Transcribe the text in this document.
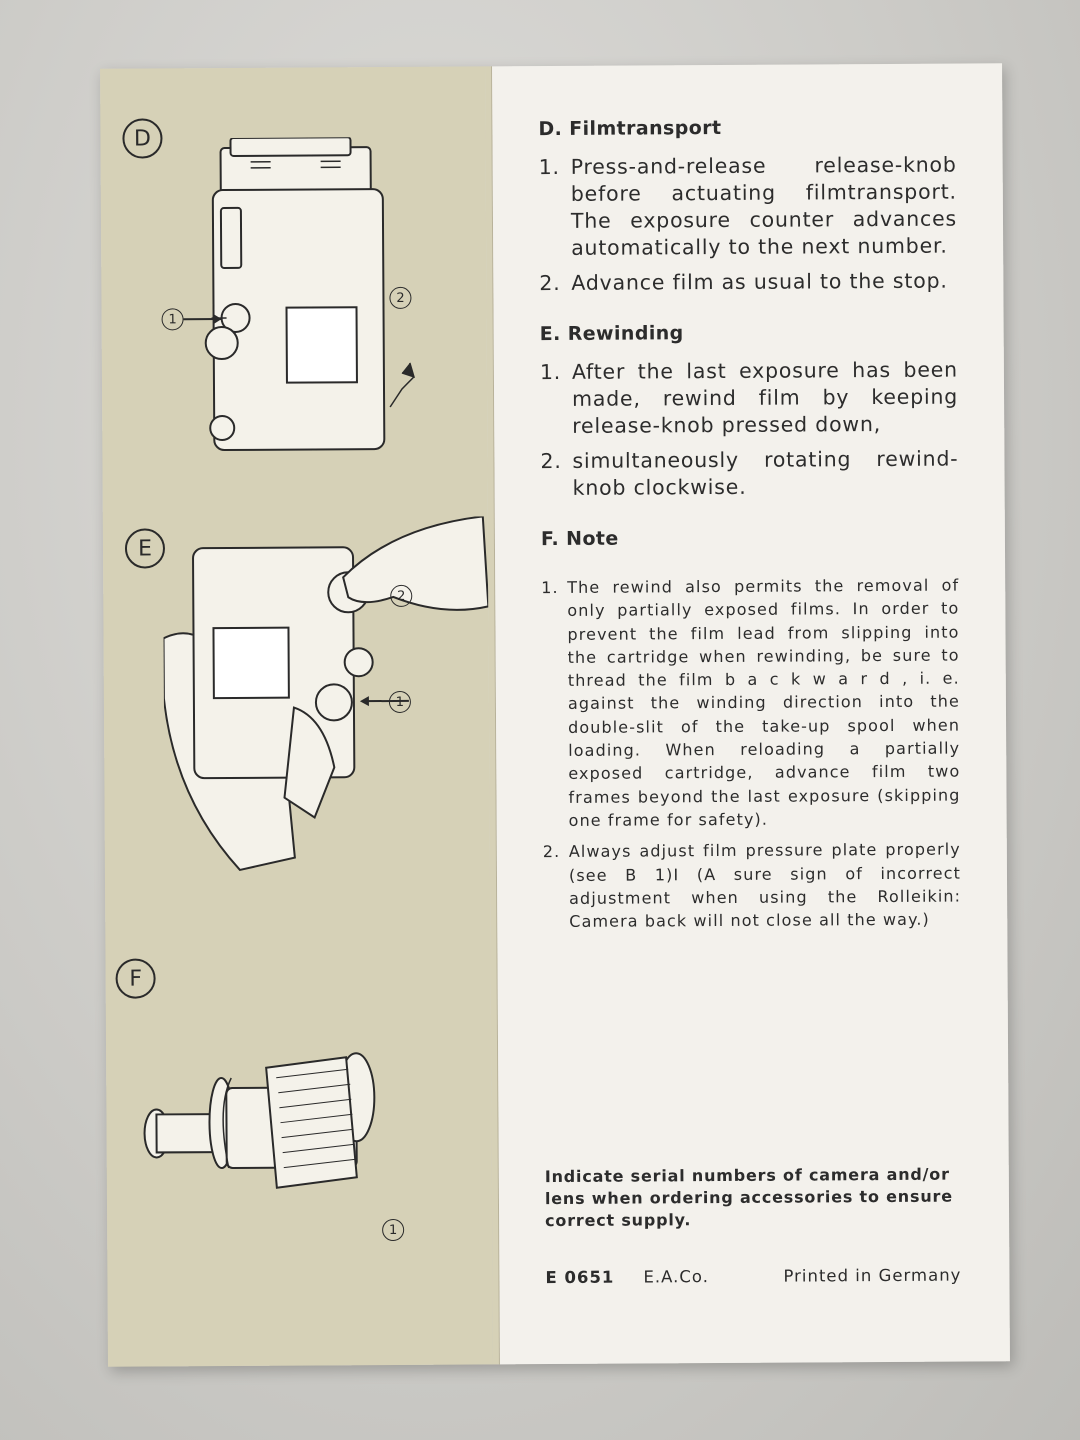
D
1
2
E
2
1
F
1
D. Filmtransport
1. Press-and-release release-knob before actuating filmtransport. The exposure counter advances automatically to the next number.
2. Advance film as usual to the stop.
E. Rewinding
1. After the last exposure has been made, rewind film by keeping release-knob pressed down,
2. simultaneously rotating rewind-knob clockwise.
F. Note
1. The rewind also permits the removal of only partially exposed films. In order to prevent the film lead from slipping into the cartridge when rewinding, be sure to thread the film b a c k w a r d , i. e. against the winding direction into the double-slit of the take-up spool when loading. When reloading a partially exposed cartridge, advance film two frames beyond the last exposure (skipping one frame for safety).
2. Always adjust film pressure plate properly (see B 1)I (A sure sign of incorrect adjustment when using the Rolleikin: Camera back will not close all the way.)
Indicate serial numbers of camera and/or lens when ordering accessories to ensure correct supply.
E 0651	E.A.Co.	Printed in Germany
